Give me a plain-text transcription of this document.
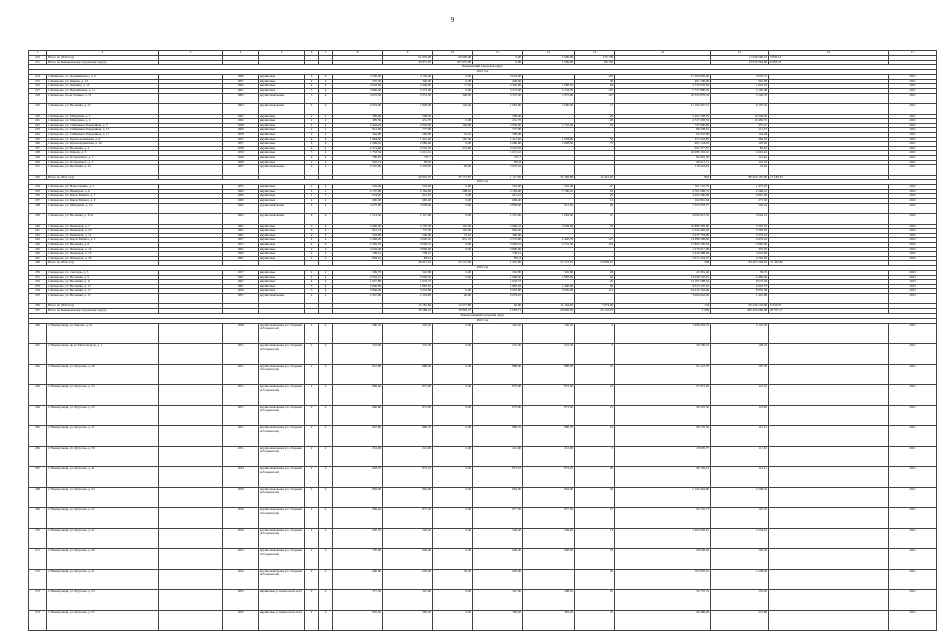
9
1	2	3	4	5	6	7	8	9	10	11	12	13	14	15	16	17
210	Итого по 2020 году							61 970,00	99 600,00	0,00	1 000,00	170 150		11 649 500,55	6 830,14	
211	Итого по Кемеровскому городскому округу							45 971,25	107 675,00	0,00	1 000,00	86 150		10 979 364,00	6 803,35	
Кемеровский городской округ																
2021 год																
214	г. Кемерово, ул. Дзержинского, д. 6		1960	кирпичные	5	4	3 450,50	3 130,40	0,00	3 024,40		105	17 560 695,40	5 610,75		2021
215	г. Кемерово, ул. Кирова, д. 14		1957	кирпичные	2	2	570,30	520,00	0,00	428,00		30	491 700,00	945,58		2021
216	г. Кемерово, ул. Дарвина, д. 15		1962	кирпичные	4	4	2 652,00	2 448,90	71,50	2 345,00	1 688,50	66	4 759 670,95	1 943,63		2021
217	г. Кемерово, ул. Ворошилова, д. 11		1961	кирпичные	5	4	3 866,40	3 573,40	0,00	3 573,40	3 133,70	107	7 737 880,05	2 165,38		2021
218	г. Кемерово, пр-кт Ленина, д. 72		1963	крупнопанельные	5	4	3 672,50	3 372,50	348,50	3 372,50	1 972,90	107	10 523 978,54	3 120,53		2021
219	г. Кемерово, ул. Весенняя, д. 27		1964	крупнопанельные	4	4	2 024,90	1 828,00	142,40	1 063,90	1 000,00	71	11 164 207,15	6 107,34		2021
220	г. Кемерово, ул. Мичурина, д. 2		1962	кирпичные	2	2	585,90	508,40		508,40		20	5 261 558,05	10 349,26		2021
221	г. Кемерово, ул. Мичурина, д. 4		1962	кирпичные	2	2	485,50	451,70	0,00	451,70		20	4 727 293,53	10 465,55		2021
222	г. Кемерово, ул. Сибиряков-Гвардейцев, д. 5		1958	кирпичные	4	4	2 444,20	2 036,00	149,00	2 036,00	1 722,40	63	727 800,00	357,47		2021
223	г. Кемерово, ул. Сибиряков-Гвардейцев, д. 13		1960	кирпичные	2	2	812,00	777,00		777,00			86 538,61	111,37		2021
224	г. Кемерово, ул. Сибиряков-Гвардейцев, д. 11		1959	кирпичные	2	2	542,00	500,90	74,10	500,90			62 352,00	124,48		2021
225	г. Кемерово, ул. Красноармейская, д. 8		1957	кирпичные	4	4	1 864,50	1 412,20	165,50	1 412,20	1 076,40	52	373 322,85	264,35		2021
226	г. Кемерово, ул. Красноармейская, д. 10		1957	кирпичные	4	4	2 369,10	2 086,60	0,00	2 086,60	1 828,30	73	403 134,43	193,20		2021
227	г. Кемерово, ул. Весенняя, д. 4		1958	кирпичные	4	4	4 374,60	3 523,70	274,90	3 523,70			302 377,67	85,81		2021
228	г. Кемерово, ул. Кирова, д. 3		1959	кирпичные	3	4	1 752,34	1 615,41		1 615,41			10 688 181,10	6 616,42		2021
229	г. Кемерово, ул. Островского, д. 1		1949	кирпичные	2	2	789,81	731,7		731,7			84 481,50	115,46		2021
230	г. Кемерово, ул. Островского, д. 3		1949	кирпичные	2	2	903,14	855,8		855,8			96 011,71	112,19		2021
231	г. Кемерово, ул. Весенняя, д. 23		1957	крупнопанельные	2	2	2 347,00	2 118,00	40,90	2 079,10			118 433,94	55,92		2021
232	Итого по 2021 году							40 945,67	35 777,87	1 117,90	31 349,88	12 421,20	801	80 024 195,99	12 184,33	
2022 год																
234	г. Кемерово, ул. Новостройка, д. 3		1955	кирпичные	2	2	526,40	516,40	0,00	516,40	516,40	47	761 722,70	1 475,05		2022
235	г. Кемерово, ул. Пионеров, д. 6		1960	кирпичные	2	2	2 157,00	2 164,00	208,10	2 164,00	1 790,10	81	4 761 696,72	2 200,41		2022
236	г. Кемерово, ул. Карла Маркса, д. 7		1960	кирпичные	2	2	654,20	621,10	0,00	621,10		26	4 265 396,00	6 867,46		2022
237	г. Кемерово, ул. Карла Маркса, д. 9		1960	кирпичные	2	2	600,00	600,40	0,00	600,40		12	162 891,64	271,30		2022
238	г. Кемерово, ул. Мичурина, д. 21		1962	крупнопанельные	4	4	3 475,00	3 038,40	0,00	2 858,40	911,50	60	1 525 978,77	502,24		2022
239	г. Кемерово, ул. Весенняя, д. 31А		1962	крупнопанельные	4	4	1 514,50	1 315,00	0,00	1 315,00	1 064,00	47	4 000 415,55	3 042,14		2022
240	г. Кемерово, ул. Пионеров, д. 7		1961	кирпичные	3	4	3 469,00	3 105,50	145,40	2 960,10	2 028,40	76	10 880 359,00	3 503,55		2022
241	г. Кемерово, ул. Пионеров, д. 10		1961	кирпичные	2	2	812,74	772,50	192,60	684,40			2 545 402,56	3 295,02		2022
242	г. Кемерово, ул. Пионеров, д. 12		1961	кирпичные	2	2	532,90	500,00	74,10	500,00			2 637 703,00	5 275,41		2022
243	г. Кемерово, ул. Карла Маркса, д. 5		1957	кирпичные	4	4	3 469,20	3 026,10	831,70	2 572,00	2 420,70	127	14 988 589,60	4 953,19		2022
244	г. Кемерово, ул. Весенняя, д. 8		1957	кирпичные	4	4	3 362,70	3 000,10	0,00	3 000,10	2 731,30	119	17 895 782,54	5 965,06		2022
245	г. Кемерово, ул. Пионеров, д. 14		1961	кирпичные	2	2	4 004,00	3 800,00	0,00	3 800,00			1 276 617,06	335,95		2022
246	г. Кемерово, ул. Пионеров, д. 16		1960	кирпичные	2	2	798,41	738,21		738,21			2 226 488,90	3 016,06		2022
247	г. Кемерово, ул. Пионеров, д. 18		1961	кирпичные	2	2	904,12	855,4		855,4			3 671 224,37	4 291,82		2022
248	Итого по 2022 году							28 415,25	25 715,60	1 452,00	23 172,45	23 829,91	508	83 207 240,81	31 432,80	
2023 год																
250	г. Кемерово, ул. Свободы, д. 3		1957	кирпичные	2	2	569,79	545,80	0,00	545,80	545,80	28	21 681,46	39,72		2023
251	г. Кемерово, ул. Весенняя, д. 9		1961	кирпичные	4	4	2 052,41	2 049,50	0,00	1 968,50	1 883,00	62	13 049 742,10	6 496,46		2023
252	г. Кемерово, ул. Весенняя, д. 11		1961	кирпичные	4	4	1 627,88	1 633,72		1 633,72		45	13 187 598,54	8 072,04		2023
253	г. Кемерово, ул. Весенняя, д. 13		1961	кирпичные	3	4	2 066,00	1 865,62		1 865,62	1 406,00	82	8 613 110,16	4 616,75		2023
254	г. Кемерово, ул. Весенняя, д. 15		1956	кирпичные	3	4	3 840,40	3 933,80	0,00	3 933,80	3 930,00	111	34 919 163,49	8 876,58		2023
255	г. Кемерово, ул. Весенняя, д. 17		1957	крупнопанельные	2	2	2 347,00	2 118,00	40,90	2 079,10			3 066 642,02	1 447,89		2023
256	Итого по 2023 году							13 181,84	12 577,80	40,90	11 164,38	7 874,00	134	95 430 132,96	6 252,07	
257	Итого по Кемеровскому городскому округу							34 589,12	30 892,47	1 693,71	29 826,50	23 123,01	1 004	260 456 006,98	20 571,71	
Новокузнецкий городской округ																
2021 год																
260	г. Новокузнецк, ул. Кирова, д. 91		1948	крупнопанельные (со сборным ж/б каркасом)	2	2	280,70	245,20	0,00	245,20	165,20	9	1 498 263,79	6 110,38		2021
261	г. Новокузнецк, пр-кт Металлургов, д. 1		1951	крупнопанельные (со сборным ж/б каркасом)	2	2	252,90	231,30	0,00	231,30	231,30	5	29 706,01	128,43		2021
262	г. Новокузнецк, ул. Кутузова, д. 29		1951	крупнопанельные (со сборным ж/б каркасом)	2	2	915,80	888,90	0,00	888,90	888,90	10	95 141,70	107,03		2021
263	г. Новокузнецк, ул. Кутузова, д. 33		1951	крупнопанельные (со сборным ж/б каркасом)	2	2	960,40	873,00	0,00	873,00	873,00	22	97 915,20	112,16		2021
264	г. Новокузнецк, ул. Кутузова, д. 35		1951	крупнопанельные (со сборным ж/б каркасом)	2	2	960,80	873,00	0,00	873,00	873,00	21	98 301,30	112,60		2021
265	г. Новокузнецк, ул. Кутузова, д. 37		1951	крупнопанельные (со сборным ж/б каркасом)	2	2	967,90	880,70	0,00	880,70	880,70	19	98 776,50	112,15		2021
266	г. Новокузнецк, ул. Кутузова, д. 39		1951	крупнопанельные (со сборным ж/б каркасом)	2	2	231,00	212,90	0,00	212,90	212,90	5	23 695,75	111,30		2021
267	г. Новокузнецк, ул. Кутузова, д. 41		1954	крупнопанельные (со сборным ж/б каркасом)	2	2	962,70	873,10	0,00	873,10	873,10	20	98 149,14	112,41		2021
268	г. Новокузнецк, ул. Кутузова, д. 43		1936	крупнопанельные (со сборным ж/б каркасом)	2	2	884,00	864,90	0,00	864,90	864,90	29	2 169 464,80	2 508,34		2021
269	г. Новокузнецк, ул. Кутузова, д. 45		1936	крупнопанельные (со сборным ж/б каркасом)	2	2	969,40	877,30	0,00	877,30	877,30	27	94 176,73	107,35		2021
270	г. Новокузнецк, ул. Кутузова, д. 47		1936	крупнопанельные (со сборным ж/б каркасом)	2	2	595,70	549,20	0,00	549,20	549,20	13	1 402 659,91	2 554,01		2021
271	г. Новокузнецк, ул. Кутузова, д. 49		1953	крупнопанельные (со сборным ж/б каркасом)	2	2	705,00	648,40	0,00	648,40	648,40	19	68 938,64	106,32		2021
272	г. Новокузнецк, ул. Кутузова, д. 51		1952	крупнопанельные (со сборным ж/б каркасом)	2	2	690,00	620,00	36,30	620,00		20	767 835,10	1 238,44		2021
273	г. Новокузнецк, ул. Кутузова, д. 53		1953	кирпичные (с каркасом из ж/б)	2	2	377,30	347,00	0,00	347,00	298,10	16	52 770,74	152,42		2021
274	г. Новокузнецк, ул. Кутузова, д. 55		1955	кирпичные (с каркасом из ж/б)	2	2	845,50	383,20	0,00	383,20	383,20	10	96 488,48	251,80		2021
